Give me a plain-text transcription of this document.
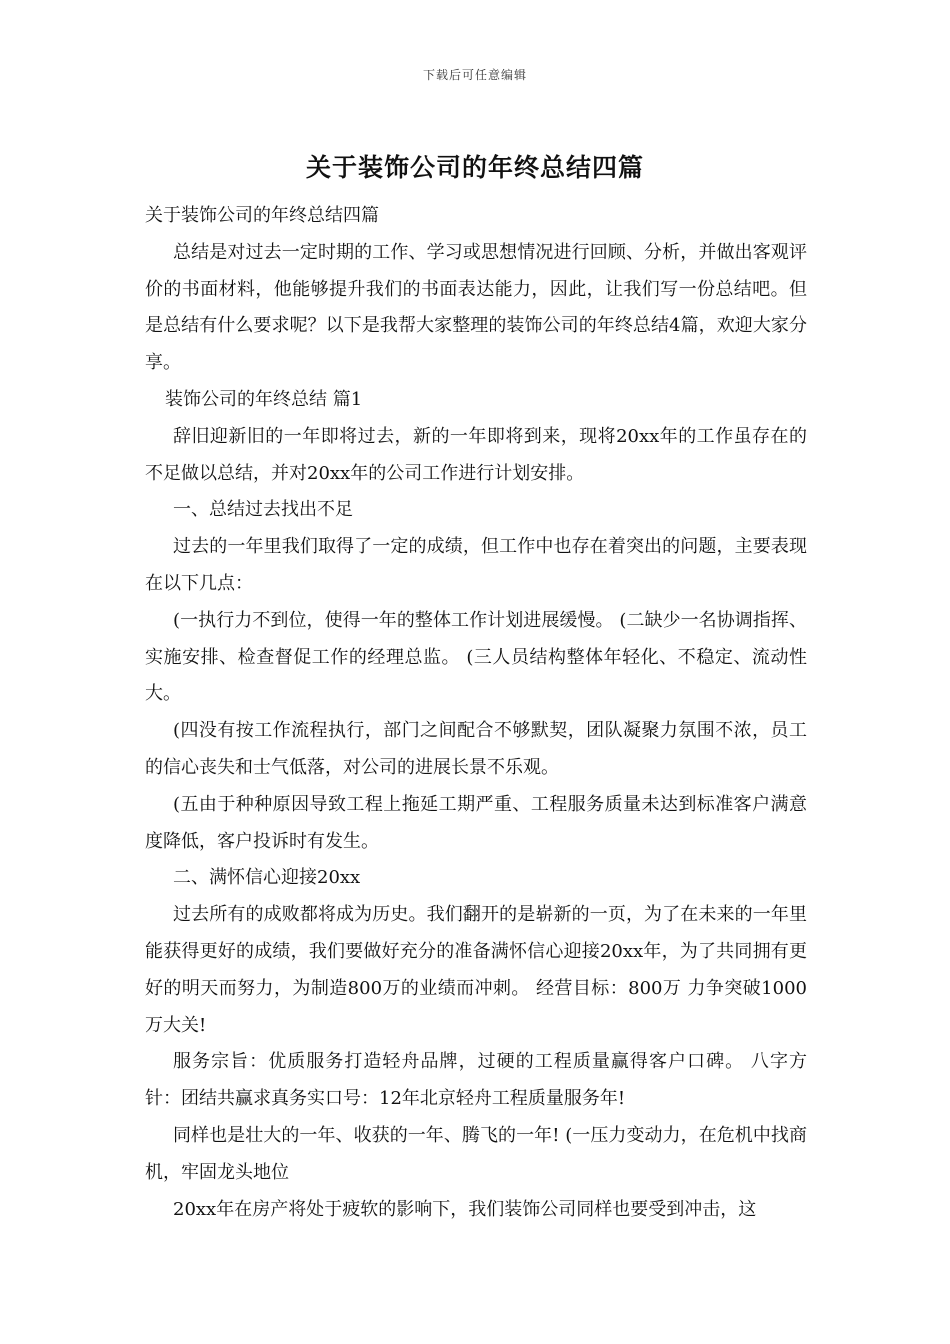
下载后可任意编辑
关于装饰公司的年终总结四篇

关于装饰公司的年终总结四篇

总结是对过去一定时期的工作、学习或思想情况进行回顾、分析，并做出客观评价的书面材料，他能够提升我们的书面表达能力，因此，让我们写一份总结吧。但是总结有什么要求呢？以下是我帮大家整理的装饰公司的年终总结4篇，欢迎大家分享。

装饰公司的年终总结 篇1

辞旧迎新旧的一年即将过去，新的一年即将到来，现将20xx年的工作虽存在的不足做以总结，并对20xx年的公司工作进行计划安排。

一、总结过去找出不足

过去的一年里我们取得了一定的成绩，但工作中也存在着突出的问题，主要表现在以下几点：

(一执行力不到位，使得一年的整体工作计划进展缓慢。 (二缺少一名协调指挥、实施安排、检查督促工作的经理总监。 (三人员结构整体年轻化、不稳定、流动性大。

(四没有按工作流程执行，部门之间配合不够默契，团队凝聚力氛围不浓，员工的信心丧失和士气低落，对公司的进展长景不乐观。

(五由于种种原因导致工程上拖延工期严重、工程服务质量未达到标准客户满意度降低，客户投诉时有发生。

二、满怀信心迎接20xx

过去所有的成败都将成为历史。我们翻开的是崭新的一页，为了在未来的一年里能获得更好的成绩，我们要做好充分的准备满怀信心迎接20xx年，为了共同拥有更好的明天而努力，为制造800万的业绩而冲刺。 经营目标：800万 力争突破1000万大关!

服务宗旨：优质服务打造轻舟品牌，过硬的工程质量赢得客户口碑。 八字方针：团结共赢求真务实口号：12年北京轻舟工程质量服务年!

同样也是壮大的一年、收获的一年、腾飞的一年! (一压力变动力，在危机中找商机，牢固龙头地位

20xx年在房产将处于疲软的影响下，我们装饰公司同样也要受到冲击，这
